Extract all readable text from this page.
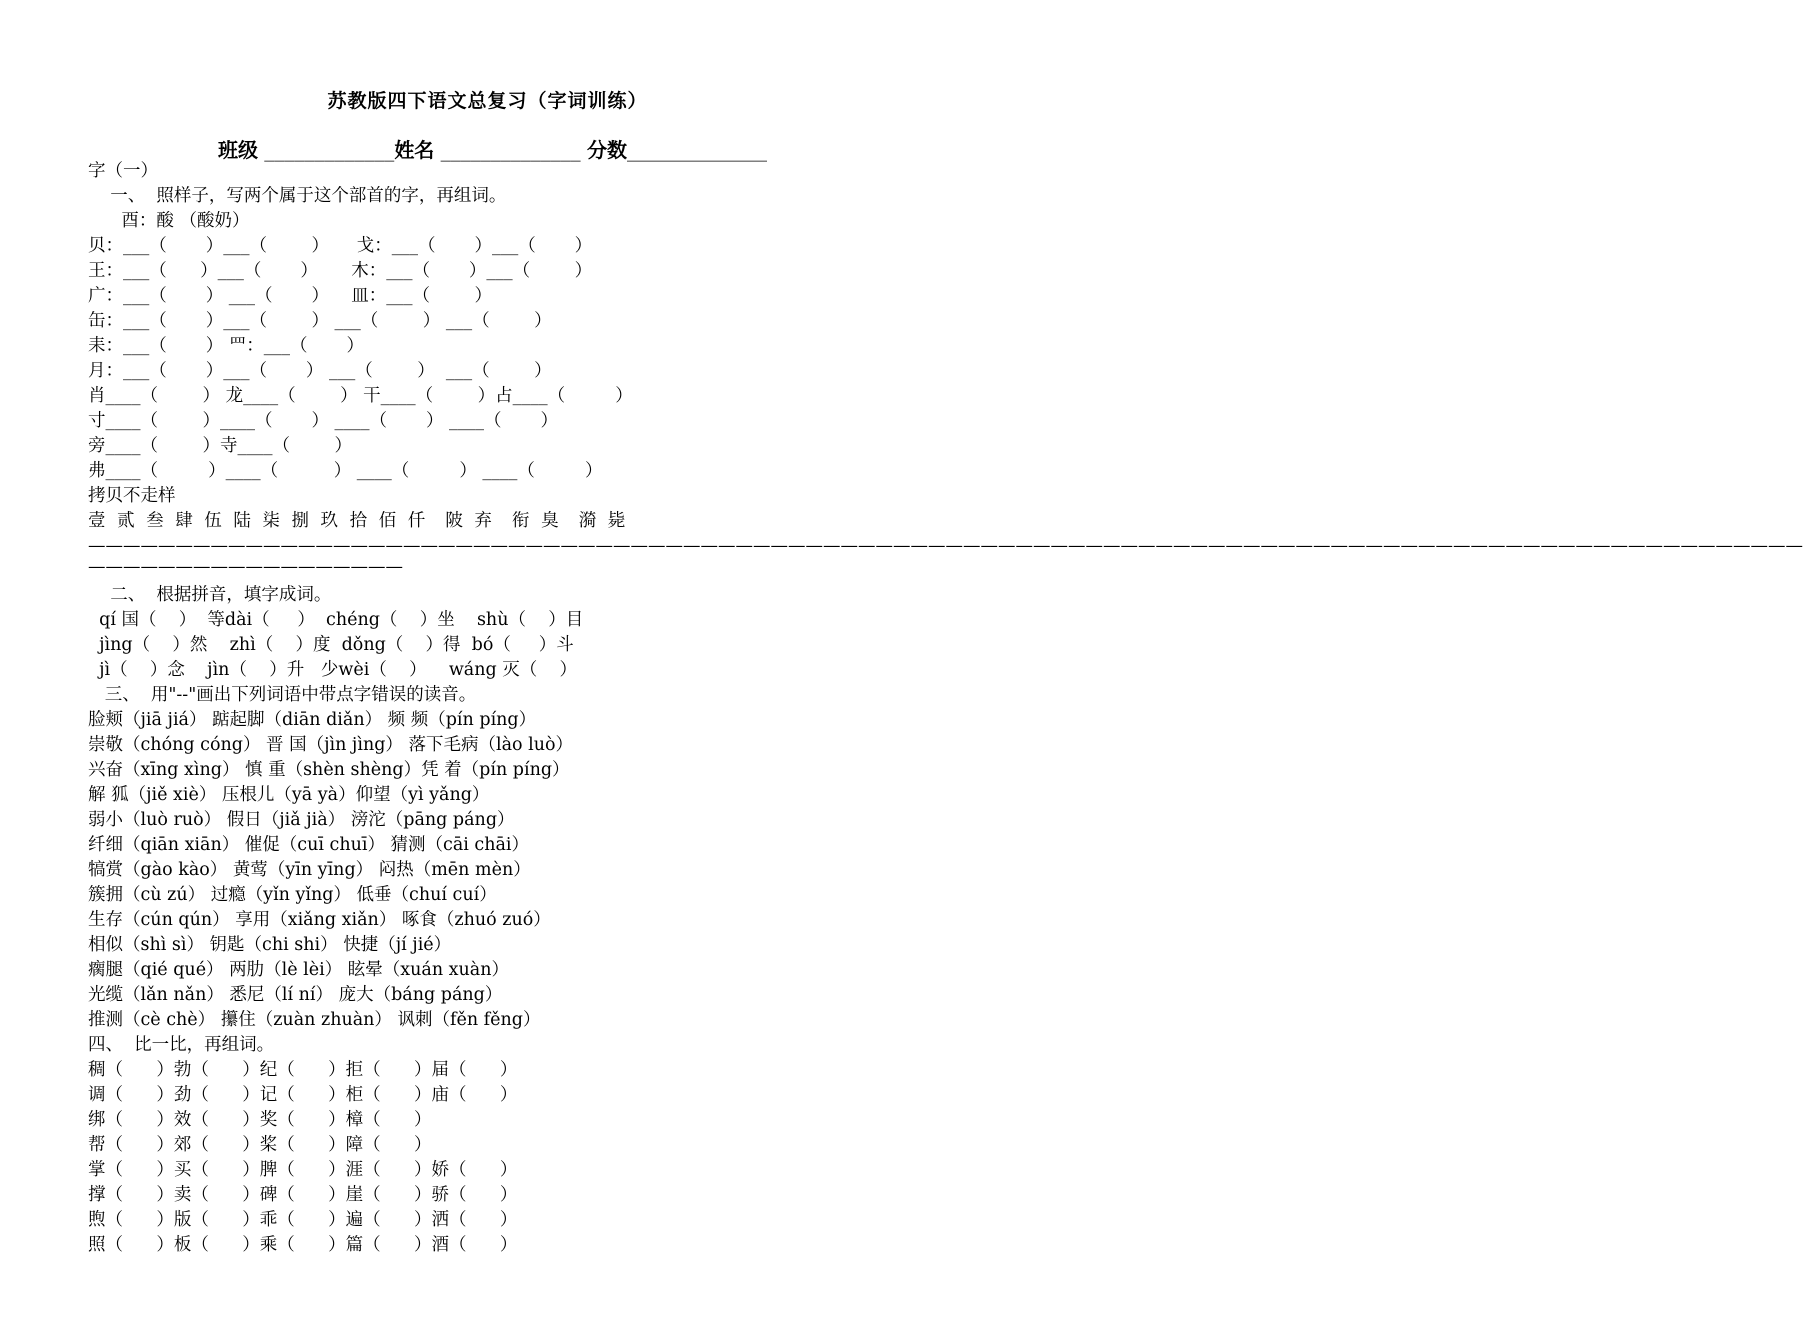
苏教版四下语文总复习（字词训练）
班级 _____________姓名 ______________ 分数______________
字（一）
一、  照样子，写两个属于这个部首的字，再组词。
酉：酸 （酸奶）
贝：___（       ）___（        ）     戈：___（       ）___（       ）
王：___（      ）___（       ）      木：___（       ）___（        ）
广：___（       ） ___（       ）    皿：___（        ）
缶：___（       ）___（        ） ___（        ） ___（        ）
耒：___（       ） 罒：___（       ）
月：___（       ）___（       ） ___（        ）  ___（        ）
肖____（        ） 龙____（        ） 干____（        ）占____（         ）
寸____（        ）____（       ） ____（       ） ____（       ）
旁____（        ）寺____（        ）
弗____（         ）____（          ） ____（         ） ____（         ）
拷贝不走样
壹 贰 叁 肆 伍 陆 柒 捌 玖 拾 佰 仟  陂 弃  衔 臭  漪 毙
——————————————————————————————————————————————————————————————————————————————————————————————————
——————————————————
二、  根据拼音，填字成词。
qí 国（    ）  等dài（     ）  chéng（    ）坐    shù（    ）目
jìng（    ）然    zhì（    ）度  dǒng（    ）得  bó（     ）斗
jì（    ）念    jìn（    ）升   少wèi（    ）    wáng 灭（    ）
三、  用"--"画出下列词语中带点字错误的读音。
脸颊（jiā jiá） 踮起脚（diān diǎn） 频 频（pín píng）
崇敬（chóng cóng） 晋 国（jìn jìng） 落下毛病（lào luò）
兴奋（xīng xìng） 慎 重（shèn shèng）凭 着（pín píng）
解 狐（jiě xiè） 压根儿（yā yà）仰望（yì yǎng）
弱小（luò ruò） 假日（jiǎ jià） 滂沱（pāng páng）
纤细（qiān xiān） 催促（cuī chuī） 猜测（cāi chāi）
犒赏（gào kào） 黄莺（yīn yīng） 闷热（mēn mèn）
簇拥（cù zú） 过瘾（yǐn yǐng） 低垂（chuí cuí）
生存（cún qún） 享用（xiǎng xiǎn） 啄食（zhuó zuó）
相似（shì sì） 钥匙（chi shi） 快捷（jí jié）
瘸腿（qié qué） 两肋（lè lèi） 眩晕（xuán xuàn）
光缆（lǎn nǎn） 悉尼（lí ní） 庞大（báng páng）
推测（cè chè） 攥住（zuàn zhuàn） 讽刺（fěn fěng）
四、  比一比，再组词。
稠（      ）勃（      ）纪（      ）拒（      ）届（      ）
调（      ）劲（      ）记（      ）柜（      ）庙（      ）
绑（      ）效（      ）奖（      ）樟（      ）
帮（      ）郊（      ）桨（      ）障（      ）
掌（      ）买（      ）脾（      ）涯（      ）娇（      ）
撑（      ）卖（      ）碑（      ）崖（      ）骄（      ）
煦（      ）版（      ）乖（      ）遍（      ）洒（      ）
照（      ）板（      ）乘（      ）篇（      ）酒（      ）
